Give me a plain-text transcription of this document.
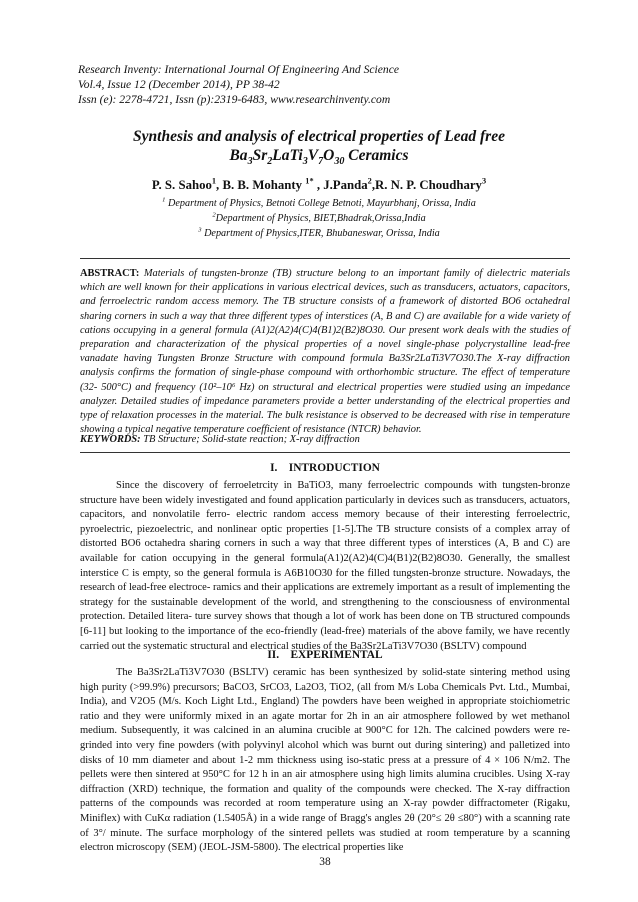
Research Inventy: International Journal Of Engineering And Science
Vol.4, Issue 12 (December 2014), PP 38-42
Issn (e): 2278-4721, Issn (p):2319-6483, www.researchinventy.com
Synthesis and analysis of electrical properties of Lead free
$Ba_3Sr_2LaTi_3V_7O_{30}$ Ceramics
P. S. Sahoo$^1$, B. B. Mohanty $^{1*}$ , J.Panda$^2$,R. N. P. Choudhary$^3$
$^1$ Department of Physics, Betnoti College Betnoti, Mayurbhanj, Orissa, India
$^2$Department of Physics, BIET,Bhadrak,Orissa,India
$^3$ Department of Physics,ITER, Bhubaneswar, Orissa, India
ABSTRACT: Materials of tungsten-bronze (TB) structure belong to an important family of dielectric materials which are well known for their applications in various electrical devices, such as transducers, actuators, capacitors, and ferroelectric random access memory. The TB structure consists of a framework of distorted BO6 octahedral sharing corners in such a way that three different types of interstices (A, B and C) are available for a wide variety of cations occupying in a general formula (A1)2(A2)4(C)4(B1)2(B2)8O30. Our present work deals with the studies of preparation and characterization of the physical properties of a novel single-phase polycrystalline lead-free vanadate having Tungsten Bronze Structure with compound formula Ba3Sr2LaTi3V7O30.The X-ray diffraction analysis confirms the formation of single-phase compound with orthorhombic structure. The effect of temperature (32- 500°C) and frequency (10²–10⁶ Hz) on structural and electrical properties were studied using an impedance analyzer. Detailed studies of impedance parameters provide a better understanding of the electrical properties and type of relaxation processes in the material. The bulk resistance is observed to be decreased with rise in temperature showing a typical negative temperature coefficient of resistance (NTCR) behavior.
KEYWORDS: TB Structure; Solid-state reaction; X-ray diffraction
I.    INTRODUCTION

Since the discovery of ferroeletrcity in BaTiO3, many ferroelectric compounds with tungsten-bronze structure have been widely investigated and found application particularly in devices such as transducers, actuators, capacitors, and nonvolatile ferro- electric random access memory because of their interesting ferroelectric, pyroelectric, piezoelectric, and nonlinear optic properties [1-5].The TB structure consists of a complex array of distorted BO6 octahedra sharing corners in such a way that three different types of interstices (A, B and C) are available for cation occupying in the general formula(A1)2(A2)4(C)4(B1)2(B2)8O30. Generally, the smallest interstice C is empty, so the general formula is A6B10O30 for the filled tungsten-bronze structure. Nowadays, the research of lead-free electroce- ramics and their applications are extremely important as a result of implementing the strategy for the sustainable development of the world, and strengthening to the consciousness of environmental protection. Detailed litera- ture survey shows that though a lot of work has been done on TB structured compounds [6-11] but looking to the importance of the eco-friendly (lead-free) materials of the above family, we have recently carried out the systematic structural and electrical studies of the Ba3Sr2LaTi3V7O30 (BSLTV) compound

II.    EXPERIMENTAL

The Ba3Sr2LaTi3V7O30 (BSLTV) ceramic has been synthesized by solid-state sintering method using high purity (>99.9%) precursors; BaCO3, SrCO3, La2O3, TiO2, (all from M/s Loba Chemicals Pvt. Ltd., Mumbai, India), and V2O5 (M/s. Koch Light Ltd., England) The powders have been weighed in appropriate stoichiometric ratio and they were uniformly mixed in an agate mortar for 2h in an air atmosphere followed by wet methanol medium. Subsequently, it was calcined in an alumina crucible at 900°C for 12h. The calcined powders were re-grinded into very fine powders (with polyvinyl alcohol which was burnt out during sintering) and palletized into disks of 10 mm diameter and about 1-2 mm thickness using iso-static press at a pressure of 4 × 106 N/m2. The pellets were then sintered at 950°C for 12 h in an air atmosphere using high limits alumina crucibles. Using X-ray diffraction (XRD) technique, the formation and quality of the compounds were checked. The X-ray diffraction patterns of the compounds was recorded at room temperature using an X-ray powder diffractometer (Rigaku, Miniflex) with CuKα radiation (1.5405Å) in a wide range of Bragg's angles 2θ (20°≤ 2θ ≤80°) with a scanning rate of 3°/ minute. The surface morphology of the sintered pellets was studied at room temperature by a scanning electron microscopy (SEM) (JEOL-JSM-5800). The electrical properties like

38
